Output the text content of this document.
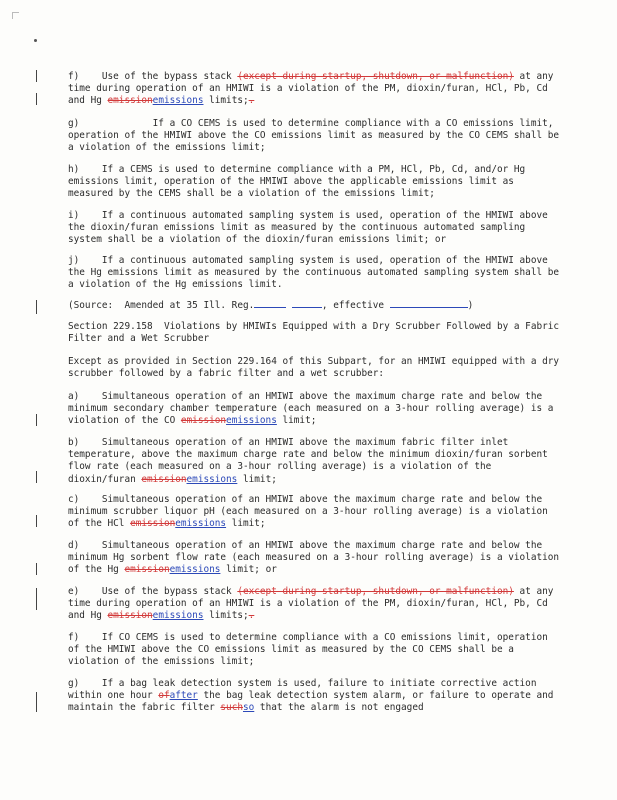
f)    Use of the bypass stack (except during startup, shutdown, or malfunction) at any time during operation of an HMIWI is a violation of the PM, dioxin/furan, HCl, Pb, Cd and Hg emissionemissions limits;.
g)             If a CO CEMS is used to determine compliance with a CO emissions limit, operation of the HMIWI above the CO emissions limit as measured by the CO CEMS shall be a violation of the emissions limit;
h)    If a CEMS is used to determine compliance with a PM, HCl, Pb, Cd, and/or Hg emissions limit, operation of the HMIWI above the applicable emissions limit as measured by the CEMS shall be a violation of the emissions limit;
i)    If a continuous automated sampling system is used, operation of the HMIWI above the dioxin/furan emissions limit as measured by the continuous automated sampling system shall be a violation of the dioxin/furan emissions limit; or
j)    If a continuous automated sampling system is used, operation of the HMIWI above the Hg emissions limit as measured by the continuous automated sampling system shall be a violation of the Hg emissions limit.
(Source:  Amended at 35 Ill. Reg.	, effective	)
Section 229.158  Violations by HMIWIs Equipped with a Dry Scrubber Followed by a Fabric Filter and a Wet Scrubber
Except as provided in Section 229.164 of this Subpart, for an HMIWI equipped with a dry scrubber followed by a fabric filter and a wet scrubber:
a)    Simultaneous operation of an HMIWI above the maximum charge rate and below the minimum secondary chamber temperature (each measured on a 3-hour rolling average) is a violation of the CO emissionemissions limit;
b)    Simultaneous operation of an HMIWI above the maximum fabric filter inlet temperature, above the maximum charge rate and below the minimum dioxin/furan sorbent flow rate (each measured on a 3-hour rolling average) is a violation of the dioxin/furan emissionemissions limit;
c)    Simultaneous operation of an HMIWI above the maximum charge rate and below the minimum scrubber liquor pH (each measured on a 3-hour rolling average) is a violation of the HCl emissionemissions limit;
d)    Simultaneous operation of an HMIWI above the maximum charge rate and below the minimum Hg sorbent flow rate (each measured on a 3-hour rolling average) is a violation of the Hg emissionemissions limit; or
e)    Use of the bypass stack (except during startup, shutdown, or malfunction) at any time during operation of an HMIWI is a violation of the PM, dioxin/furan, HCl, Pb, Cd and Hg emissionemissions limits;.
f)    If CO CEMS is used to determine compliance with a CO emissions limit, operation of the HMIWI above the CO emissions limit as measured by the CO CEMS shall be a violation of the emissions limit;
g)    If a bag leak detection system is used, failure to initiate corrective action within one hour ofafter the bag leak detection system alarm, or failure to operate and maintain the fabric filter suchso that the alarm is not engaged
